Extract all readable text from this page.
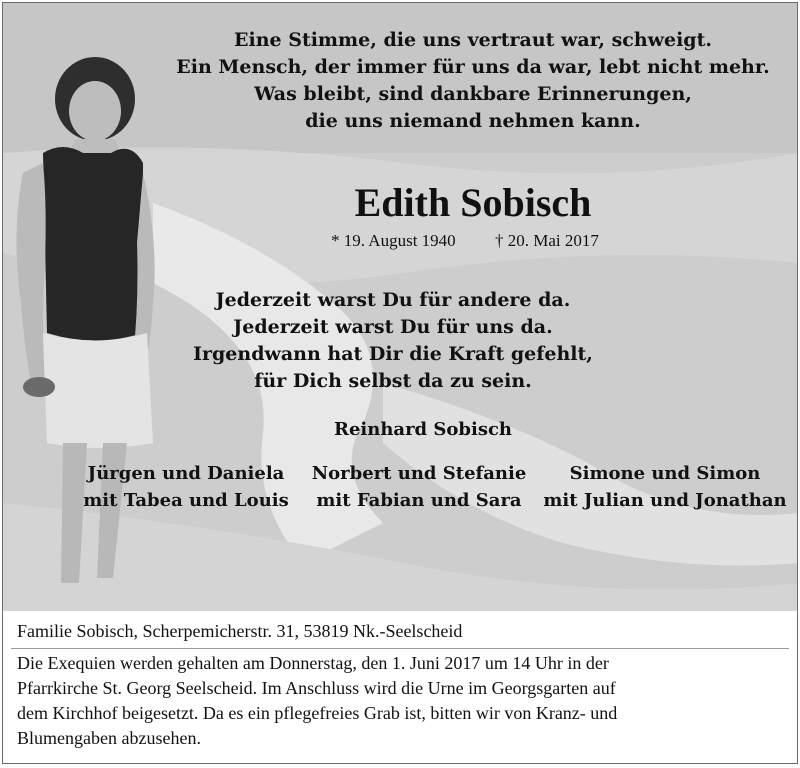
Eine Stimme, die uns vertraut war, schweigt.
Ein Mensch, der immer für uns da war, lebt nicht mehr.
Was bleibt, sind dankbare Erinnerungen,
die uns niemand nehmen kann.
Edith Sobisch
* 19. August 1940 † 20. Mai 2017
Jederzeit warst Du für andere da.
Jederzeit warst Du für uns da.
Irgendwann hat Dir die Kraft gefehlt,
für Dich selbst da zu sein.
Reinhard Sobisch
Jürgen und Daniela
mit Tabea und Louis
Norbert und Stefanie
mit Fabian und Sara
Simone und Simon
mit Julian und Jonathan
Familie Sobisch, Scherpemicherstr. 31, 53819 Nk.-Seelscheid
Die Exequien werden gehalten am Donnerstag, den 1. Juni 2017 um 14 Uhr in der
Pfarrkirche St. Georg Seelscheid. Im Anschluss wird die Urne im Georgsgarten auf
dem Kirchhof beigesetzt. Da es ein pflegefreies Grab ist, bitten wir von Kranz- und
Blumengaben abzusehen.
